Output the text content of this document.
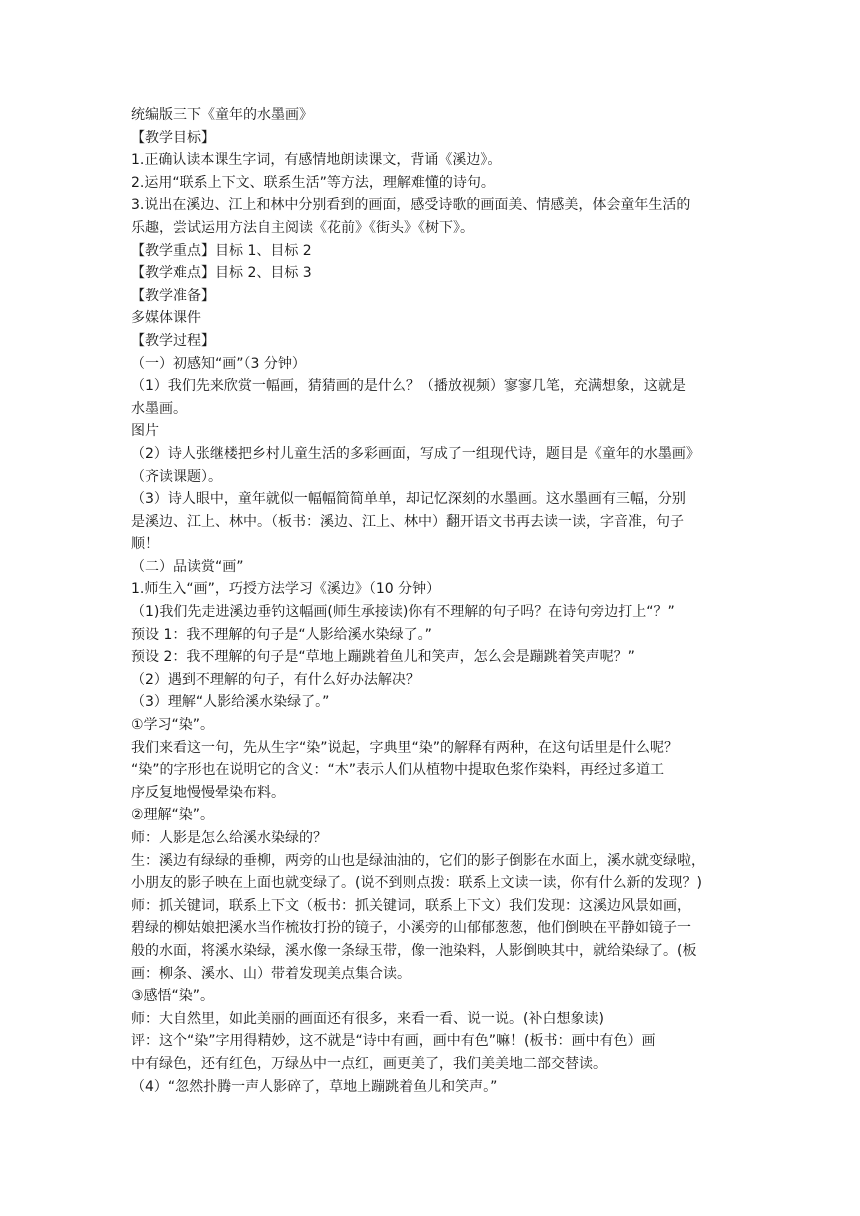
统编版三下《童年的水墨画》
【教学目标】
1.正确认读本课生字词，有感情地朗读课文，背诵《溪边》。
2.运用“联系上下文、联系生活”等方法，理解难懂的诗句。
3.说出在溪边、江上和林中分别看到的画面，感受诗歌的画面美、情感美，体会童年生活的
乐趣，尝试运用方法自主阅读《花前》《街头》《树下》。
【教学重点】目标 1、目标 2
【教学难点】目标 2、目标 3
【教学准备】
多媒体课件
【教学过程】
（一）初感知“画”（3 分钟）
（1）我们先来欣赏一幅画，猜猜画的是什么？（播放视频）寥寥几笔，充满想象，这就是
水墨画。
图片
（2）诗人张继楼把乡村儿童生活的多彩画面，写成了一组现代诗，题目是《童年的水墨画》
（齐读课题）。
（3）诗人眼中，童年就似一幅幅简简单单，却记忆深刻的水墨画。这水墨画有三幅，分别
是溪边、江上、林中。（板书：溪边、江上、林中）翻开语文书再去读一读，字音准，句子
顺！
（二）品读赏“画”
1.师生入“画”，巧授方法学习《溪边》（10 分钟）
（1)我们先走进溪边垂钓这幅画(师生承接读)你有不理解的句子吗？在诗句旁边打上“？”
预设 1：我不理解的句子是“人影给溪水染绿了。”
预设 2：我不理解的句子是“草地上蹦跳着鱼儿和笑声，怎么会是蹦跳着笑声呢？”
（2）遇到不理解的句子，有什么好办法解决？
（3）理解“人影给溪水染绿了。”
①学习“染”。
我们来看这一句，先从生字“染”说起，字典里“染”的解释有两种，在这句话里是什么呢？
“染”的字形也在说明它的含义：“木”表示人们从植物中提取色浆作染料，再经过多道工
序反复地慢慢晕染布料。
②理解“染”。
师：人影是怎么给溪水染绿的？
生：溪边有绿绿的垂柳，两旁的山也是绿油油的，它们的影子倒影在水面上，溪水就变绿啦，
小朋友的影子映在上面也就变绿了。(说不到则点拨：联系上文读一读，你有什么新的发现？)
师：抓关键词，联系上下文（板书：抓关键词，联系上下文）我们发现：这溪边风景如画，
碧绿的柳姑娘把溪水当作梳妆打扮的镜子，小溪旁的山郁郁葱葱，他们倒映在平静如镜子一
般的水面，将溪水染绿，溪水像一条绿玉带，像一池染料，人影倒映其中，就给染绿了。(板
画：柳条、溪水、山）带着发现美点集合读。
③感悟“染”。
师：大自然里，如此美丽的画面还有很多，来看一看、说一说。(补白想象读)
评：这个“染”字用得精妙，这不就是“诗中有画，画中有色”嘛！(板书：画中有色）画
中有绿色，还有红色，万绿丛中一点红，画更美了，我们美美地二部交替读。
（4）“忽然扑腾一声人影碎了，草地上蹦跳着鱼儿和笑声。”
